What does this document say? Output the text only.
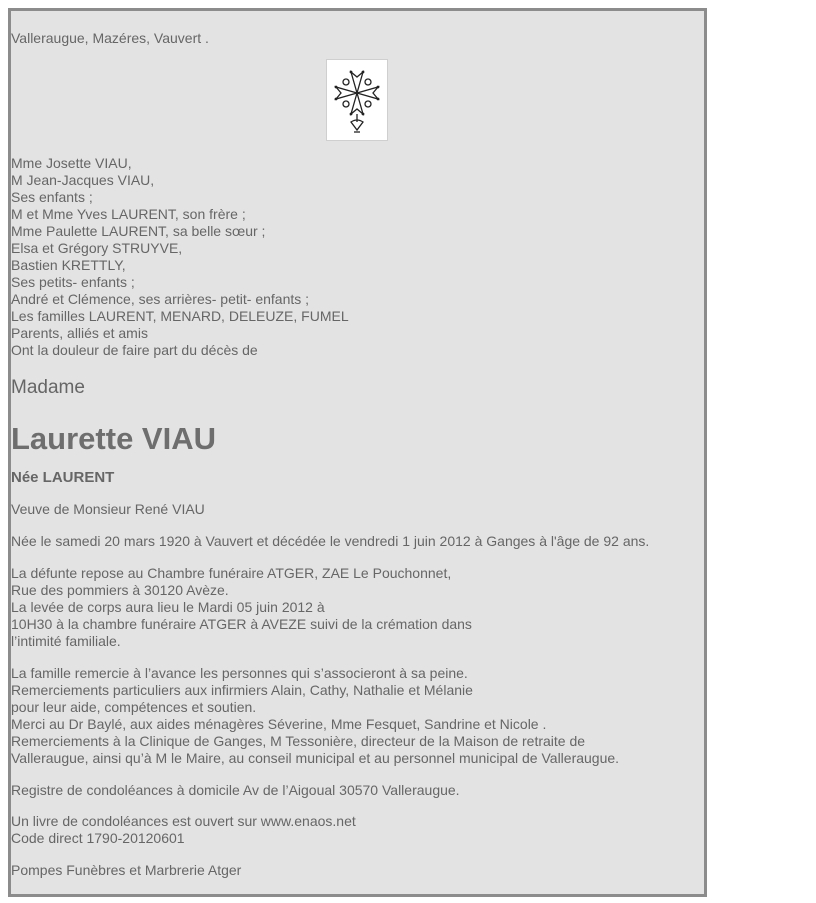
Valleraugue, Mazéres, Vauvert .

Mme Josette VIAU,

M Jean-Jacques VIAU,

Ses enfants ;

M et Mme Yves LAURENT, son frère ;

Mme Paulette LAURENT, sa belle sœur ;

Elsa et Grégory STRUYVE,

Bastien KRETTLY,

Ses petits- enfants ;

André et Clémence, ses arrières- petit- enfants ;

Les familles LAURENT, MENARD, DELEUZE, FUMEL

Parents, alliés et amis

Ont la douleur de faire part du décès de

Madame

Laurette VIAU

Née LAURENT

Veuve de Monsieur René VIAU

Née le samedi 20 mars 1920 à Vauvert et décédée le vendredi 1 juin 2012 à Ganges à l'âge de 92 ans.

La défunte repose au Chambre funéraire ATGER, ZAE Le Pouchonnet,

Rue des pommiers à 30120 Avèze.

La levée de corps aura lieu le Mardi 05 juin 2012 à

10H30 à la chambre funéraire ATGER à AVEZE suivi de la crémation dans

l’intimité familiale.

La famille remercie à l’avance les personnes qui s’associeront à sa peine.

Remerciements particuliers aux infirmiers Alain, Cathy, Nathalie et Mélanie

pour leur aide, compétences et soutien.

Merci au Dr Baylé, aux aides ménagères Séverine, Mme Fesquet, Sandrine et Nicole .

Remerciements à la Clinique de Ganges, M Tessonière, directeur de la Maison de retraite de

Valleraugue, ainsi qu’à M le Maire, au conseil municipal et au personnel municipal de Valleraugue.

Registre de condoléances à domicile Av de l’Aigoual 30570 Valleraugue.

Un livre de condoléances est ouvert sur www.enaos.net

Code direct 1790-20120601

Pompes Funèbres et Marbrerie Atger
